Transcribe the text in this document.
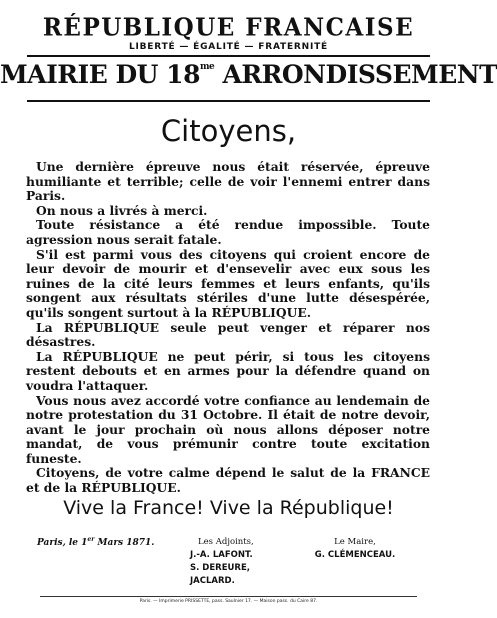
RÉPUBLIQUE FRANCAISE
LIBERTÉ — ÉGALITÉ — FRATERNITÉ
MAIRIE DU $18^{me}$ ARRONDISSEMENT
Citoyens,

Une dernière épreuve nous était réservée, épreuve humiliante et terrible; celle de voir l'ennemi entrer dans Paris.

On nous a livrés à merci.

Toute résistance a été rendue impossible. Toute agression nous serait fatale.

S'il est parmi vous des citoyens qui croient encore de leur devoir de mourir et d'ensevelir avec eux sous les ruines de la cité leurs femmes et leurs enfants, qu'ils songent aux résultats stériles d'une lutte désespérée, qu'ils songent surtout à la RÉPUBLIQUE.

La RÉPUBLIQUE seule peut venger et réparer nos désastres.

La RÉPUBLIQUE ne peut périr, si tous les citoyens restent debouts et en armes pour la défendre quand on voudra l'attaquer.

Vous nous avez accordé votre confiance au lendemain de notre protestation du 31 Octobre. Il était de notre devoir, avant le jour prochain où nous allons déposer notre mandat, de vous prémunir contre toute excitation funeste.

Citoyens, de votre calme dépend le salut de la FRANCE et de la RÉPUBLIQUE.

Vive la France! Vive la République!
Paris, le 1er Mars 1871.	Les Adjoints,
J.-A. LAFONT.
S. DEREURE,
JACLARD.
Le Maire,
G. CLÉMENCEAU.
Paris. — Imprimerie PRISSETTE, pass. Saulnier 17. — Maison pass. du Caire 87.
